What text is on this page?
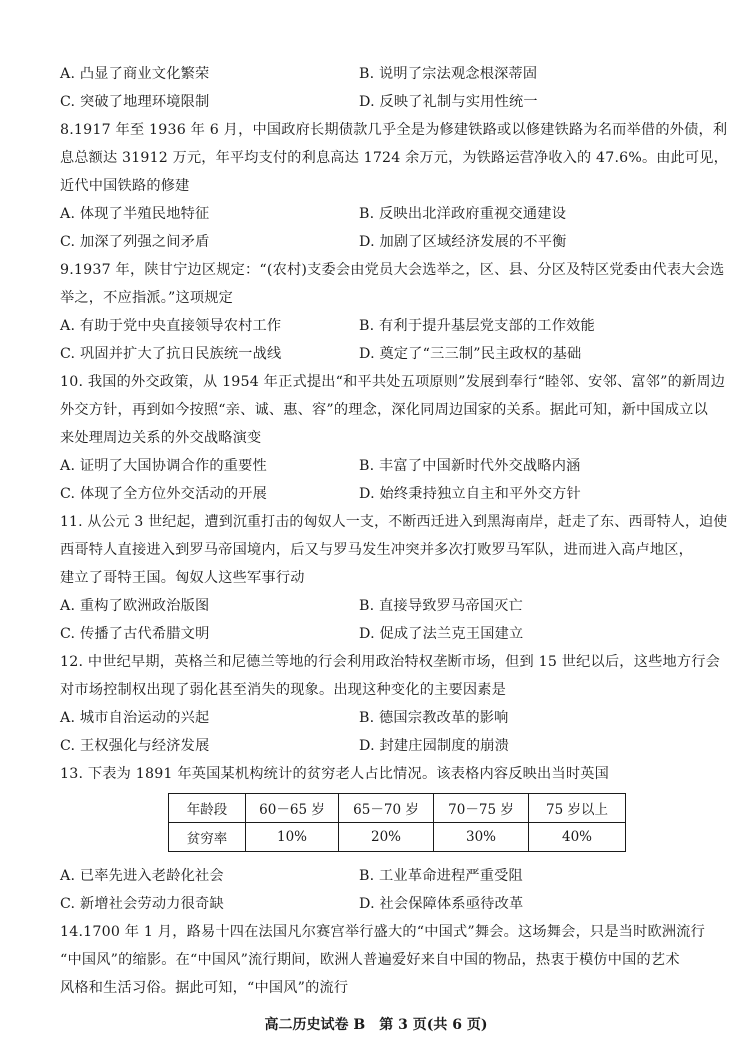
A. 凸显了商业文化繁荣	B. 说明了宗法观念根深蒂固
C. 突破了地理环境限制	D. 反映了礼制与实用性统一
8.1917 年至 1936 年 6 月，中国政府长期债款几乎全是为修建铁路或以修建铁路为名而举借的外债，利
息总额达 31912 万元，年平均支付的利息高达 1724 余万元，为铁路运营净收入的 47.6%。由此可见，
近代中国铁路的修建
A. 体现了半殖民地特征	B. 反映出北洋政府重视交通建设
C. 加深了列强之间矛盾	D. 加剧了区域经济发展的不平衡
9.1937 年，陕甘宁边区规定：“(农村)支委会由党员大会选举之，区、县、分区及特区党委由代表大会选
举之，不应指派。”这项规定
A. 有助于党中央直接领导农村工作	B. 有利于提升基层党支部的工作效能
C. 巩固并扩大了抗日民族统一战线	D. 奠定了“三三制”民主政权的基础
10. 我国的外交政策，从 1954 年正式提出“和平共处五项原则”发展到奉行“睦邻、安邻、富邻”的新周边
外交方针，再到如今按照“亲、诚、惠、容”的理念，深化同周边国家的关系。据此可知，新中国成立以
来处理周边关系的外交战略演变
A. 证明了大国协调合作的重要性	B. 丰富了中国新时代外交战略内涵
C. 体现了全方位外交活动的开展	D. 始终秉持独立自主和平外交方针
11. 从公元 3 世纪起，遭到沉重打击的匈奴人一支，不断西迁进入到黑海南岸，赶走了东、西哥特人，迫使
西哥特人直接进入到罗马帝国境内，后又与罗马发生冲突并多次打败罗马军队，进而进入高卢地区，
建立了哥特王国。匈奴人这些军事行动
A. 重构了欧洲政治版图	B. 直接导致罗马帝国灭亡
C. 传播了古代希腊文明	D. 促成了法兰克王国建立
12. 中世纪早期，英格兰和尼德兰等地的行会利用政治特权垄断市场，但到 15 世纪以后，这些地方行会
对市场控制权出现了弱化甚至消失的现象。出现这种变化的主要因素是
A. 城市自治运动的兴起	B. 德国宗教改革的影响
C. 王权强化与经济发展	D. 封建庄园制度的崩溃
13. 下表为 1891 年英国某机构统计的贫穷老人占比情况。该表格内容反映出当时英国
年龄段	60－65 岁	65－70 岁	70－75 岁	75 岁以上
贫穷率	10%	20%	30%	40%
A. 已率先进入老龄化社会	B. 工业革命进程严重受阻
C. 新增社会劳动力很奇缺	D. 社会保障体系亟待改革
14.1700 年 1 月，路易十四在法国凡尔赛宫举行盛大的“中国式”舞会。这场舞会，只是当时欧洲流行
“中国风”的缩影。在“中国风”流行期间，欧洲人普遍爱好来自中国的物品，热衷于模仿中国的艺术
风格和生活习俗。据此可知，“中国风”的流行
高二历史试卷 B　第 3 页(共 6 页)
